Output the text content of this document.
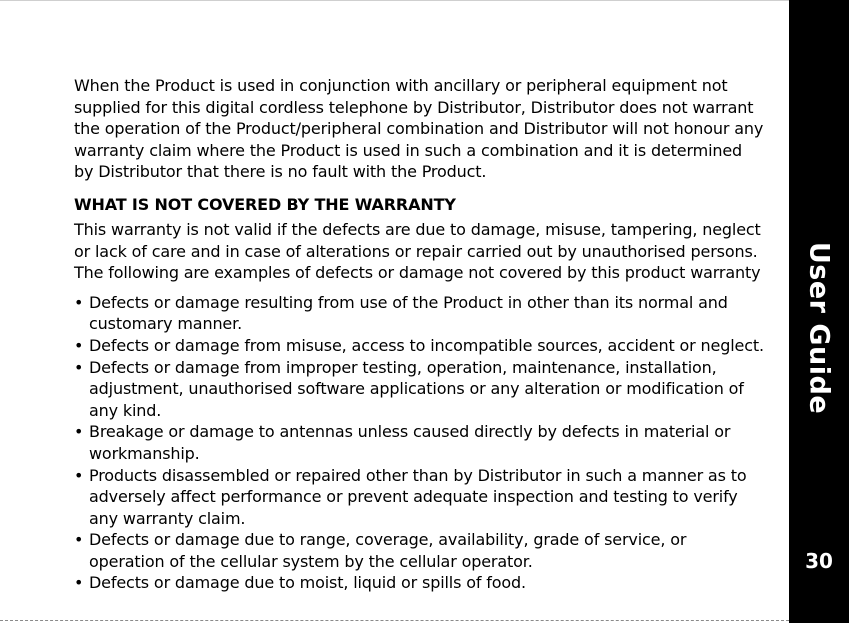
When the Product is used in conjunction with ancillary or peripheral equipment not supplied for this digital cordless telephone by Distributor, Distributor does not warrant the operation of the Product/peripheral combination and Distributor will not honour any warranty claim where the Product is used in such a combination and it is determined by Distributor that there is no fault with the Product.

WHAT IS NOT COVERED BY THE WARRANTY

This warranty is not valid if the defects are due to damage, misuse, tampering, neglect or lack of care and in case of alterations or repair carried out by unauthorised persons. The following are examples of defects or damage not covered by this product warranty

• Defects or damage resulting from use of the Product in other than its normal and customary manner.
• Defects or damage from misuse, access to incompatible sources, accident or neglect.
• Defects or damage from improper testing, operation, maintenance, installation, adjustment, unauthorised software applications or any alteration or modification of any kind.
• Breakage or damage to antennas unless caused directly by defects in material or workmanship.
• Products disassembled or repaired other than by Distributor in such a manner as to adversely affect performance or prevent adequate inspection and testing to verify any warranty claim.
• Defects or damage due to range, coverage, availability, grade of service, or operation of the cellular system by the cellular operator.
• Defects or damage due to moist, liquid or spills of food.
User Guide
30
